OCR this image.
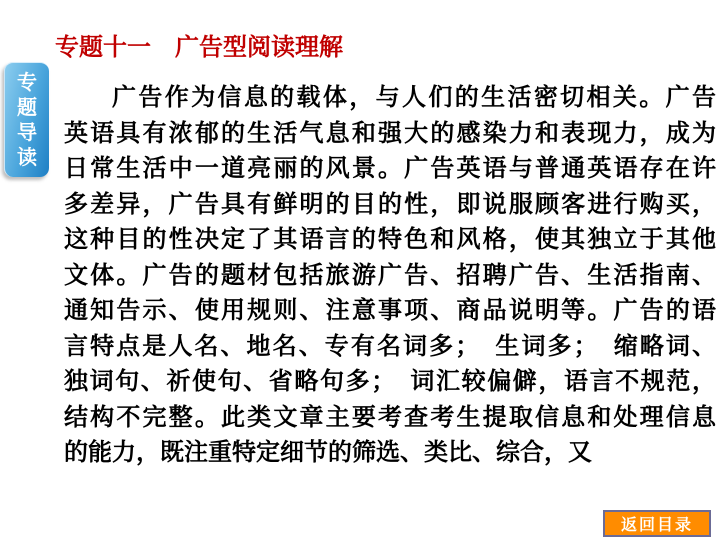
专题十一　广告型阅读理解
专
题
导
读
广告作为信息的载体，与人们的生活密切相关。广告
英语具有浓郁的生活气息和强大的感染力和表现力，成为
日常生活中一道亮丽的风景。广告英语与普通英语存在许
多差异，广告具有鲜明的目的性，即说服顾客进行购买，
这种目的性决定了其语言的特色和风格，使其独立于其他
文体。广告的题材包括旅游广告、招聘广告、生活指南、
通知告示、使用规则、注意事项、商品说明等。广告的语
言特点是人名、地名、专有名词多；　生词多；　缩略词、
独词句、祈使句、省略句多；　词汇较偏僻，语言不规范，
结构不完整。此类文章主要考查考生提取信息和处理信息
的能力，既注重特定细节的筛选、类比、综合，又
返回目录
